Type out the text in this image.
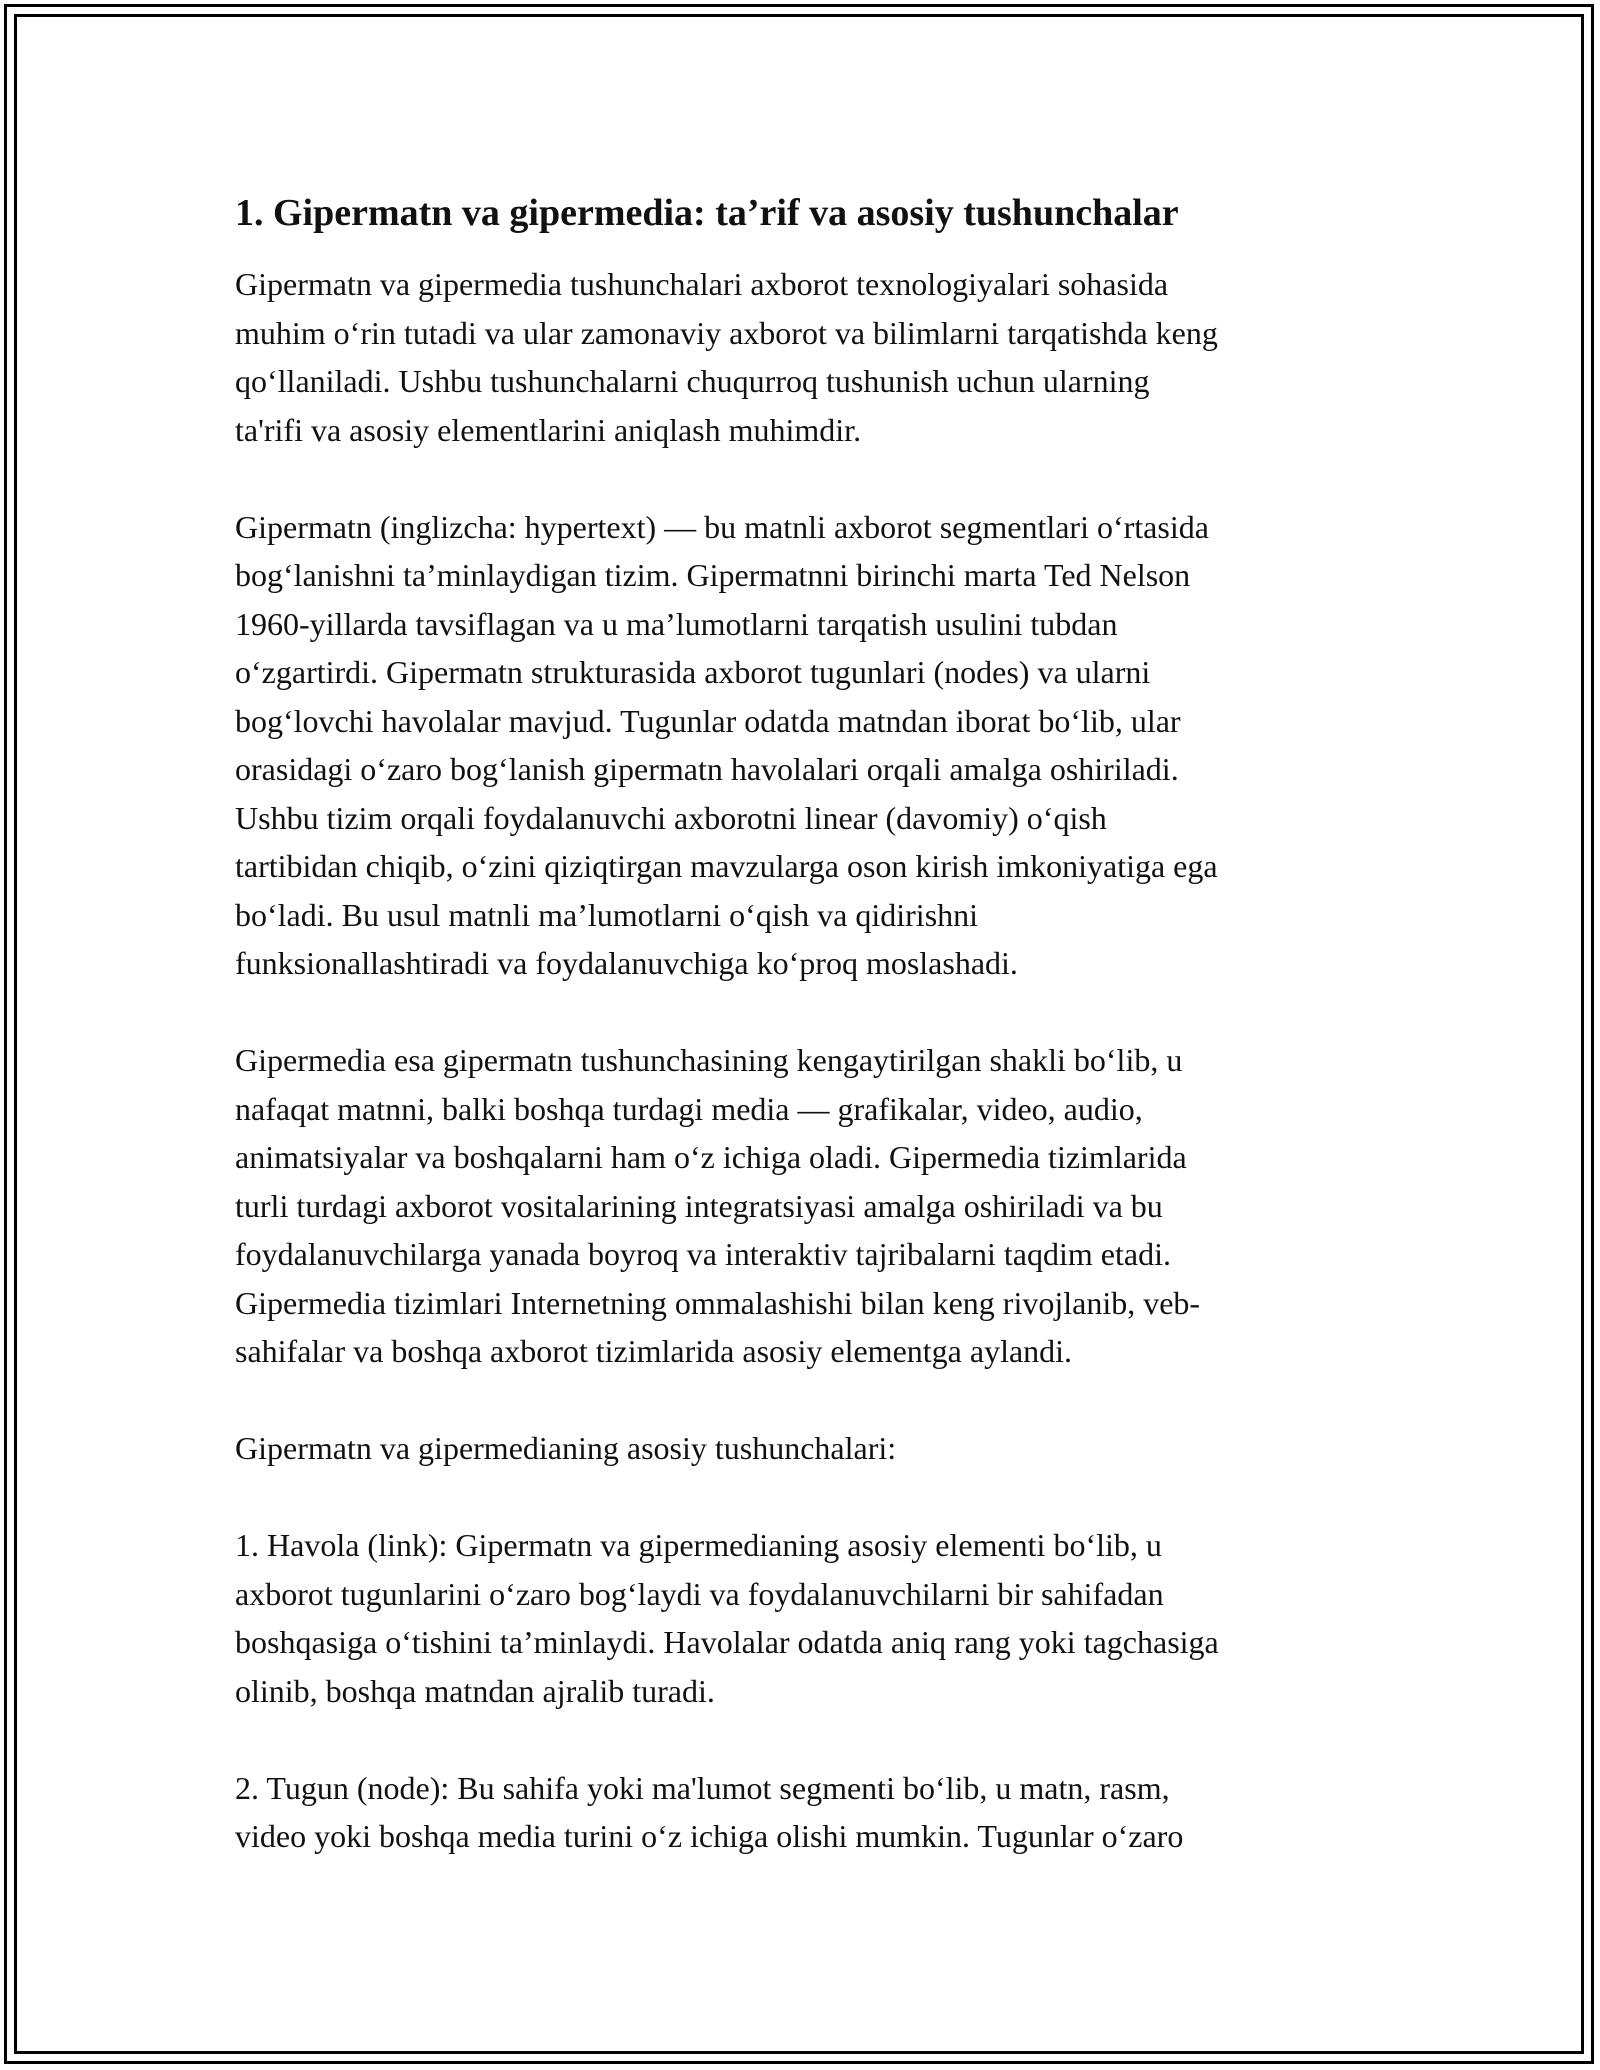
1. Gipermatn va gipermedia: ta’rif va asosiy tushunchalar

Gipermatn va gipermedia tushunchalari axborot texnologiyalari sohasida
muhim o‘rin tutadi va ular zamonaviy axborot va bilimlarni tarqatishda keng
qo‘llaniladi. Ushbu tushunchalarni chuqurroq tushunish uchun ularning
ta'rifi va asosiy elementlarini aniqlash muhimdir.

Gipermatn (inglizcha: hypertext) — bu matnli axborot segmentlari o‘rtasida
bog‘lanishni ta’minlaydigan tizim. Gipermatnni birinchi marta Ted Nelson
1960-yillarda tavsiflagan va u ma’lumotlarni tarqatish usulini tubdan
o‘zgartirdi. Gipermatn strukturasida axborot tugunlari (nodes) va ularni
bog‘lovchi havolalar mavjud. Tugunlar odatda matndan iborat bo‘lib, ular
orasidagi o‘zaro bog‘lanish gipermatn havolalari orqali amalga oshiriladi.
Ushbu tizim orqali foydalanuvchi axborotni linear (davomiy) o‘qish
tartibidan chiqib, o‘zini qiziqtirgan mavzularga oson kirish imkoniyatiga ega
bo‘ladi. Bu usul matnli ma’lumotlarni o‘qish va qidirishni
funksionallashtiradi va foydalanuvchiga ko‘proq moslashadi.

Gipermedia esa gipermatn tushunchasining kengaytirilgan shakli bo‘lib, u
nafaqat matnni, balki boshqa turdagi media — grafikalar, video, audio,
animatsiyalar va boshqalarni ham o‘z ichiga oladi. Gipermedia tizimlarida
turli turdagi axborot vositalarining integratsiyasi amalga oshiriladi va bu
foydalanuvchilarga yanada boyroq va interaktiv tajribalarni taqdim etadi.
Gipermedia tizimlari Internetning ommalashishi bilan keng rivojlanib, veb-
sahifalar va boshqa axborot tizimlarida asosiy elementga aylandi.

Gipermatn va gipermedianing asosiy tushunchalari:

1. Havola (link): Gipermatn va gipermedianing asosiy elementi bo‘lib, u
axborot tugunlarini o‘zaro bog‘laydi va foydalanuvchilarni bir sahifadan
boshqasiga o‘tishini ta’minlaydi. Havolalar odatda aniq rang yoki tagchasiga
olinib, boshqa matndan ajralib turadi.

2. Tugun (node): Bu sahifa yoki ma'lumot segmenti bo‘lib, u matn, rasm,
video yoki boshqa media turini o‘z ichiga olishi mumkin. Tugunlar o‘zaro
